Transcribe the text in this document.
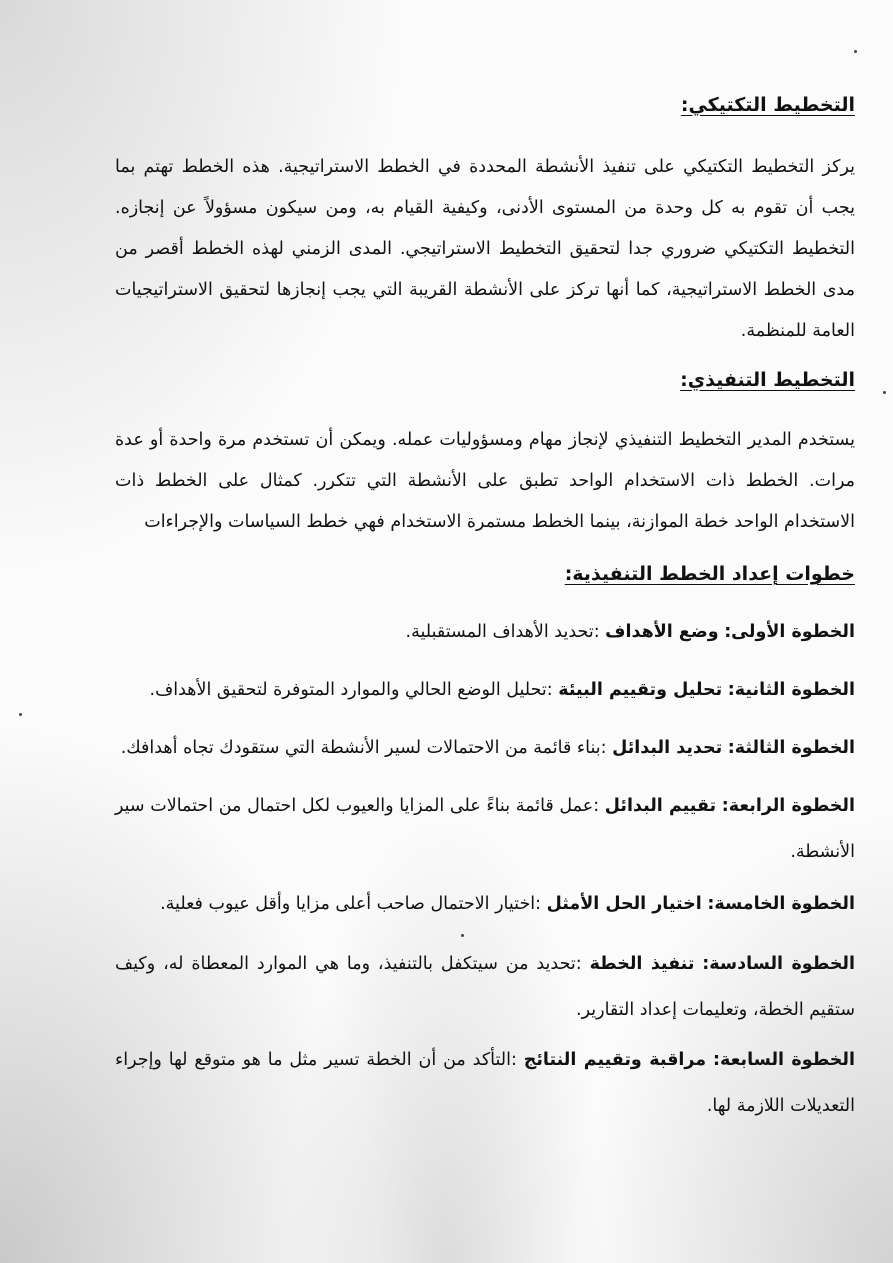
التخطيط التكتيكي:
يركز التخطيط التكتيكي على تنفيذ الأنشطة المحددة في الخطط الاستراتيجية. هذه الخطط تهتم بما يجب أن تقوم به كل وحدة من المستوى الأدنى، وكيفية القيام به، ومن سيكون مسؤولاً عن إنجازه. التخطيط التكتيكي ضروري جدا لتحقيق التخطيط الاستراتيجي. المدى الزمني لهذه الخطط أقصر من مدى الخطط الاستراتيجية، كما أنها تركز على الأنشطة القريبة التي يجب إنجازها لتحقيق الاستراتيجيات العامة للمنظمة.
التخطيط التنفيذي:
يستخدم المدير التخطيط التنفيذي لإنجاز مهام ومسؤوليات عمله. ويمكن أن تستخدم مرة واحدة أو عدة مرات. الخطط ذات الاستخدام الواحد تطبق على الأنشطة التي تتكرر. كمثال على الخطط ذات الاستخدام الواحد خطة الموازنة، بينما الخطط مستمرة الاستخدام فهي خطط السياسات والإجراءات
خطوات إعداد الخطط التنفيذية:
الخطوة الأولى: وضع الأهداف :تحديد الأهداف المستقبلية.
الخطوة الثانية: تحليل وتقييم البيئة :تحليل الوضع الحالي والموارد المتوفرة لتحقيق الأهداف.
الخطوة الثالثة: تحديد البدائل :بناء قائمة من الاحتمالات لسير الأنشطة التي ستقودك تجاه أهدافك.
الخطوة الرابعة: تقييم البدائل :عمل قائمة بناءً على المزايا والعيوب لكل احتمال من احتمالات سير الأنشطة.
الخطوة الخامسة: اختيار الحل الأمثل :اختيار الاحتمال صاحب أعلى مزايا وأقل عيوب فعلية.
الخطوة السادسة: تنفيذ الخطة :تحديد من سيتكفل بالتنفيذ، وما هي الموارد المعطاة له، وكيف ستقيم الخطة، وتعليمات إعداد التقارير.
الخطوة السابعة: مراقبة وتقييم النتائج :التأكد من أن الخطة تسير مثل ما هو متوقع لها وإجراء التعديلات اللازمة لها.
